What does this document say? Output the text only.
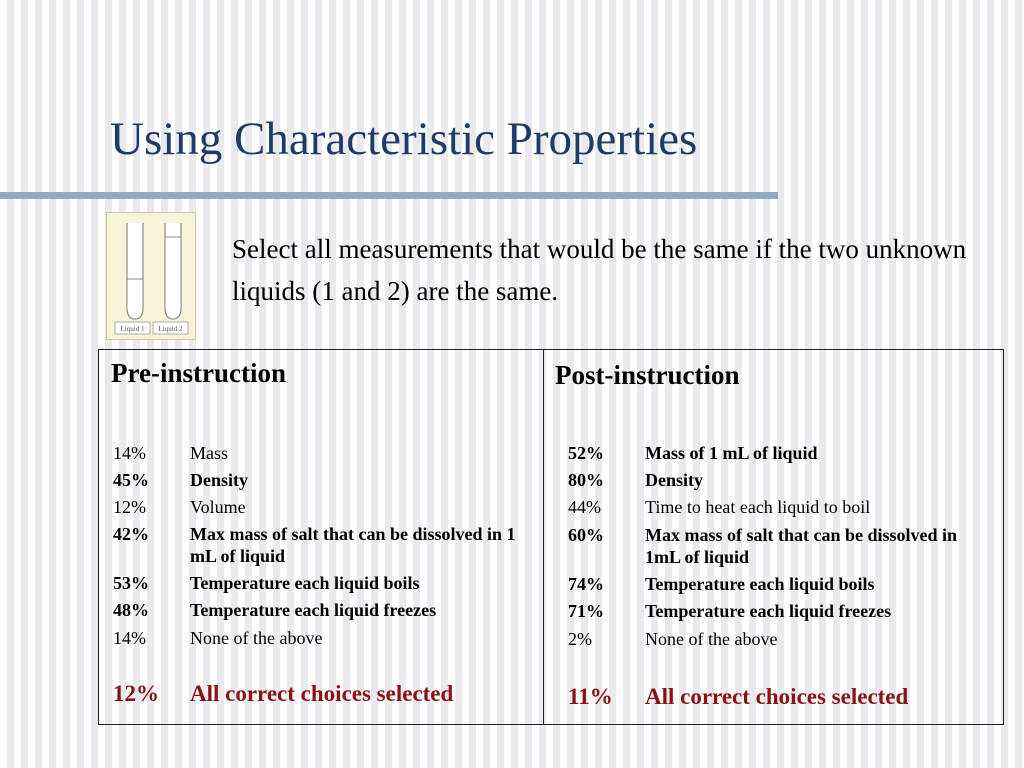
Using Characteristic Properties
Liquid 1 Liquid 2

Select all measurements that would be the same if the two unknown liquids (1 and 2) are the same.

Pre-instruction
14% Mass
45% Density
12% Volume
42% Max mass of salt that can be dissolved in 1 mL of liquid
53% Temperature each liquid boils
48% Temperature each liquid freezes
14% None of the above
12% All correct choices selected
Post-instruction
52% Mass of 1 mL of liquid
80% Density
44% Time to heat each liquid to boil
60% Max mass of salt that can be dissolved in 1mL of liquid
74% Temperature each liquid boils
71% Temperature each liquid freezes
2%	None of the above
11% All correct choices selected
